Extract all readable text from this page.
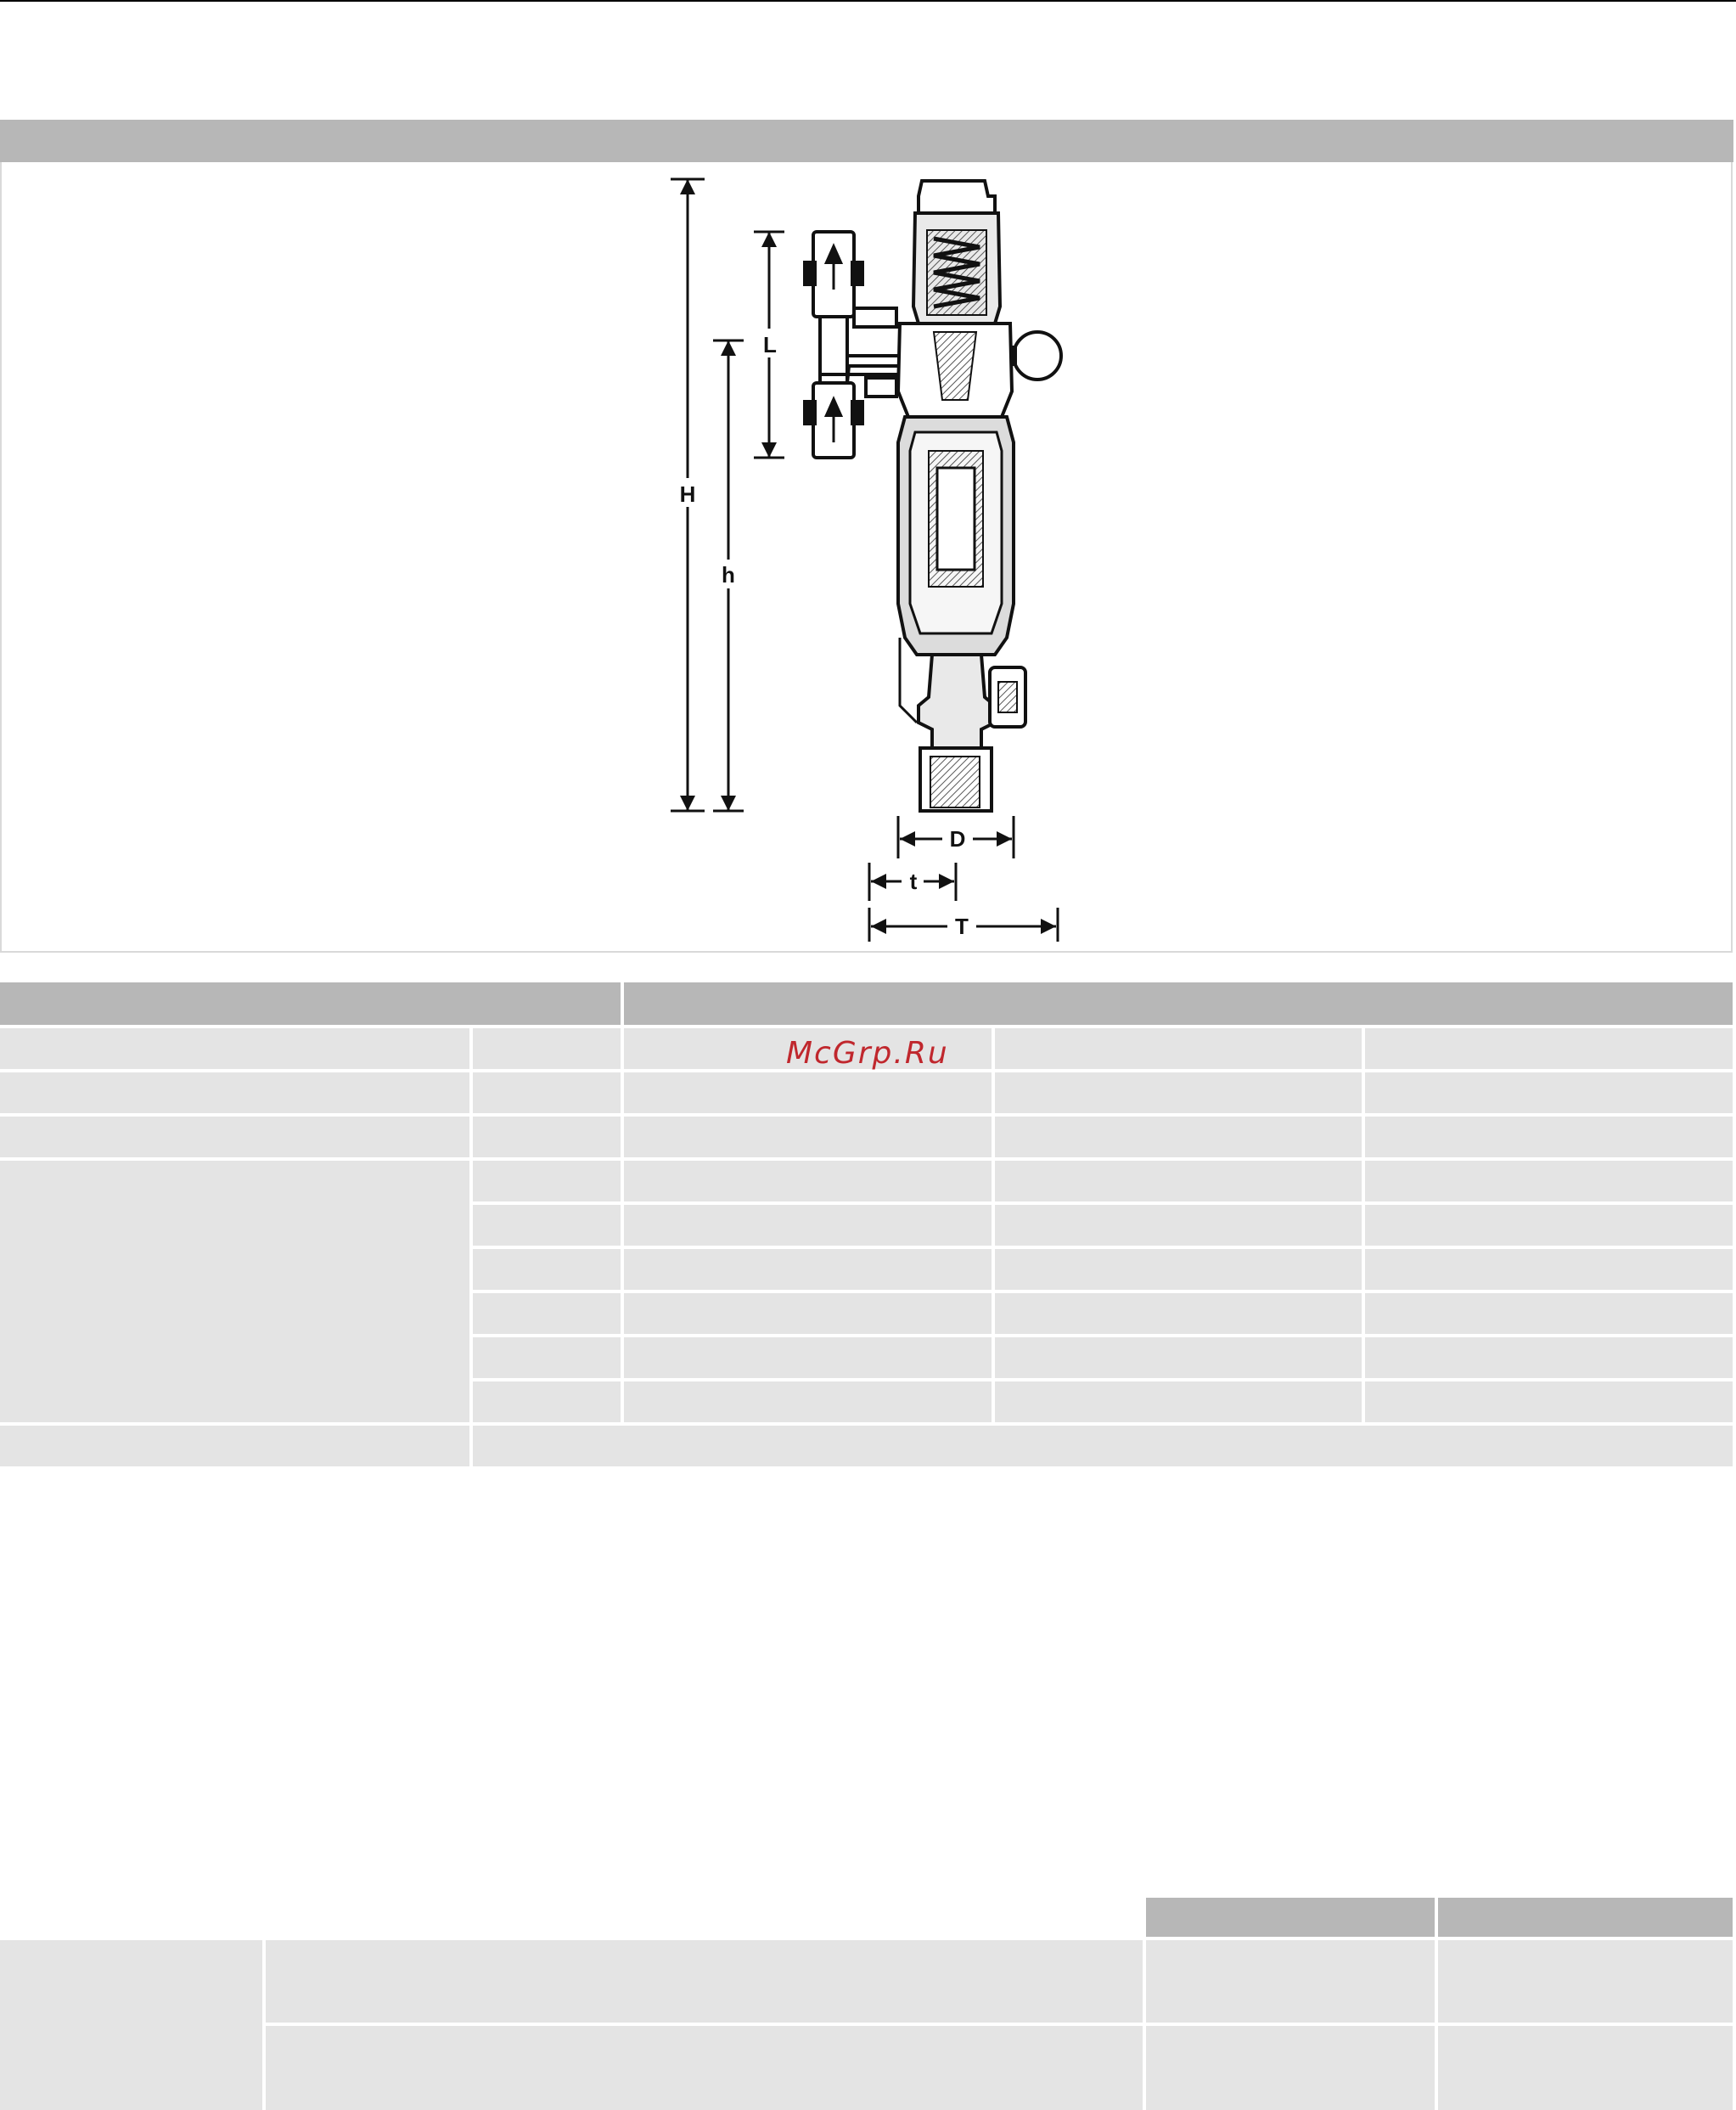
H
h
L
D
t
T
McGrp.Ru
